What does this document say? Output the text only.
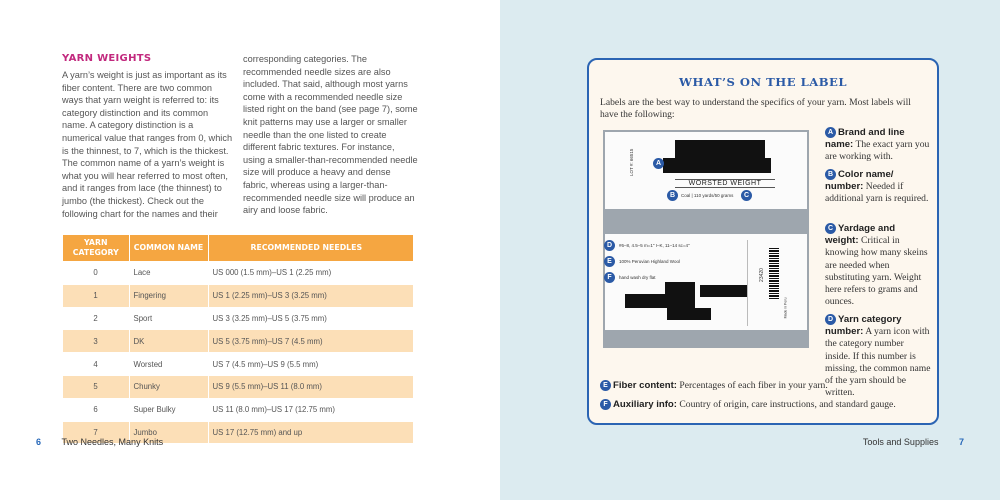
YARN WEIGHTS
A yarn’s weight is just as important as its fiber content. There are two common ways that yarn weight is referred to: its category distinction and its common name. A category distinction is a numerical value that ranges from 0, which is the thinnest, to 7, which is the thickest. The common name of a yarn’s weight is what you will hear referred to most often, and it ranges from lace (the thinnest) to jumbo (the thickest). Check out the following chart for the names and their
corresponding categories. The recommended needle sizes are also included. That said, although most yarns come with a recommended needle size listed right on the band (see page 7), some knit patterns may use a larger or smaller needle than the one listed to create different fabric textures. For instance, using a smaller-than-recommended needle size will produce a heavy and dense fabric, whereas using a larger-than-recommended needle size will produce an airy and loose fabric.
YARN CATEGORY	COMMON NAME	RECOMMENDED NEEDLES
0	Lace	US 000 (1.5 mm)–US 1 (2.25 mm)
1	Fingering	US 1 (2.25 mm)–US 3 (3.25 mm)
2	Sport	US 3 (3.25 mm)–US 5 (3.75 mm)
3	DK	US 5 (3.75 mm)–US 7 (4.5 mm)
4	Worsted	US 7 (4.5 mm)–US 9 (5.5 mm)
5	Chunky	US 9 (5.5 mm)–US 11 (8.0 mm)
6	Super Bulky	US 11 (8.0 mm)–US 17 (12.75 mm)
7	Jumbo	US 17 (12.75 mm) and up
6 Two Needles, Many Knits
WHAT’S ON THE LABEL
Labels are the best way to understand the specifics of your yarn. Most labels will have the following:
LOT #: 66515	A
WORSTED WEIGHT
B	Coal | 110 yards/50 grams	C
D	#6–8, 4.5–5 m=1" I–K, 11–14 sc=4"
E	100% Peruvian Highland Wool
F	hand wash dry flat	23420
Made in Peru
A Brand and line name: The exact yarn you are working with.
B Color name/ number: Needed if additional yarn is required.
C Yardage and weight: Critical in knowing how many skeins are needed when substituting yarn. Weight here refers to grams and ounces.
D Yarn category number: A yarn icon with the category number inside. If this number is missing, the common name of the yarn should be written.
E Fiber content: Percentages of each fiber in your yarn.
F Auxiliary info: Country of origin, care instructions, and standard gauge.
Tools and Supplies 7
